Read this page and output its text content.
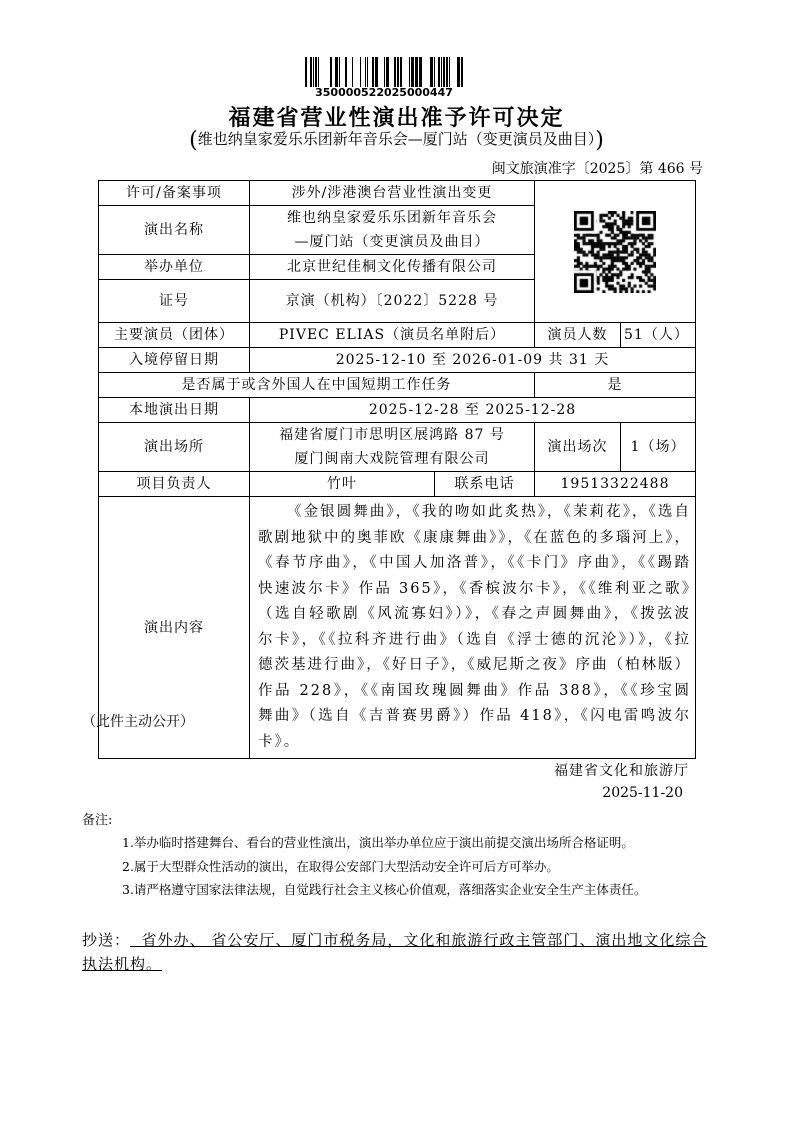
350000522025000447
福建省营业性演出准予许可决定
(维也纳皇家爱乐乐团新年音乐会—厦门站（变更演员及曲目）)
闽文旅演准字〔2025〕第 466 号
许可/备案事项	涉外/涉港澳台营业性演出变更	

演出名称	维也纳皇家爱乐乐团新年音乐会
—厦门站（变更演员及曲目）			

举办单位	北京世纪佳桐文化传播有限公司			
证号	京演（机构）〔2022〕5228 号			
主要演员（团体）	PIVEC ELIAS（演员名单附后）		演员人数	51（人）
入境停留日期	2025-12-10 至 2026-01-09 共 31 天			
是否属于或含外国人在中国短期工作任务			是	
本地演出日期	2025-12-28 至 2025-12-28			
演出场所	福建省厦门市思明区展鸿路 87 号
厦门闽南大戏院管理有限公司		演出场次	1（场）
项目负责人	竹叶	联系电话	19513322488	
演出内容	《金银圆舞曲》，《我的吻如此炙热》，《茉莉花》，《选自歌剧地狱中的奥菲欧《康康舞曲》》，《在蓝色的多瑙河上》，《春节序曲》，《中国人加洛普》，《《卡门》序曲》，《《踢踏快速波尔卡》作品 365》，《香槟波尔卡》，《《维利亚之歌》（选自轻歌剧《风流寡妇》）》，《春之声圆舞曲》，《拨弦波尔卡》，《《拉科齐进行曲》（选自《浮士德的沉沦》）》，《拉德茨基进行曲》，《好日子》，《威尼斯之夜》序曲（柏林版）作品 228》，《《南国玫瑰圆舞曲》作品 388》，《《珍宝圆舞曲》（选自《吉普赛男爵》）作品 418》，《闪电雷鸣波尔卡》。			
（此件主动公开）
福建省文化和旅游厅
2025-11-20
备注:
1.举办临时搭建舞台、看台的营业性演出，演出举办单位应于演出前提交演出场所合格证明。
2.属于大型群众性活动的演出，在取得公安部门大型活动安全许可后方可举办。
3.请严格遵守国家法律法规，自觉践行社会主义核心价值观，落细落实企业安全生产主体责任。
抄送：  省外办、 省公安厅、厦门市税务局，文化和旅游行政主管部门、演出地文化综合执法机构。
